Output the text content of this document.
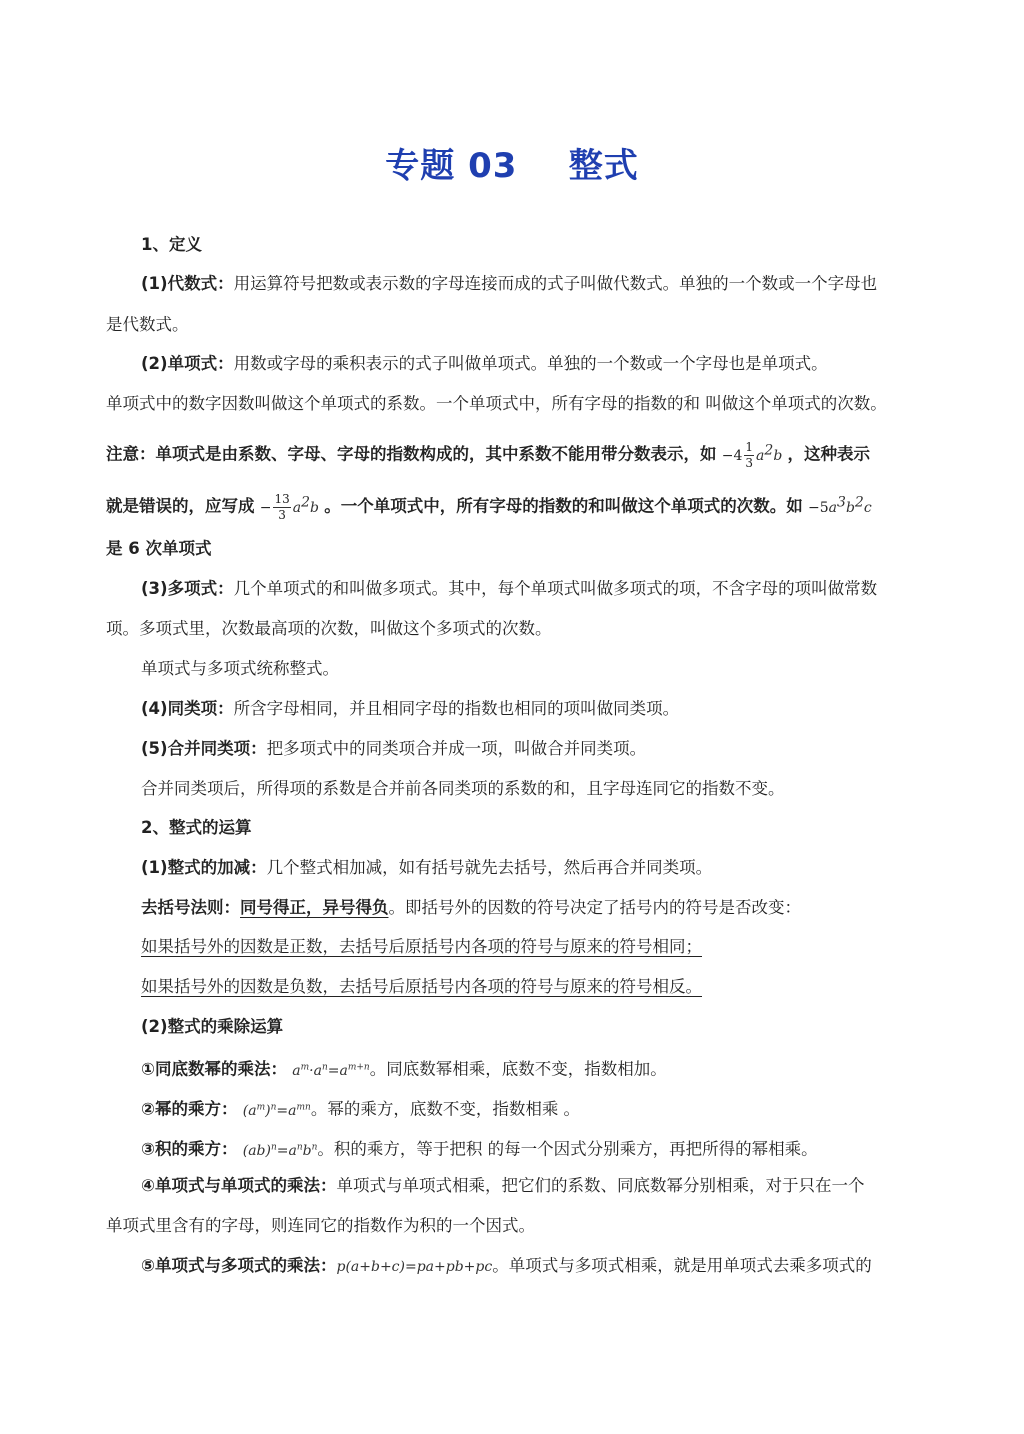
专题 03 整式
1、定义
(1)代数式：用运算符号把数或表示数的字母连接而成的式子叫做代数式。单独的一个数或一个字母也
是代数式。
(2)单项式：用数或字母的乘积表示的式子叫做单项式。单独的一个数或一个字母也是单项式。
单项式中的数字因数叫做这个单项式的系数。一个单项式中，所有字母的指数的和 叫做这个单项式的次数。
注意：单项式是由系数、字母、字母的指数构成的，其中系数不能用带分数表示，如 $-4 \frac{1}{3} a^2b$ ，这种表示
就是错误的，应写成 − $\frac{13}{3} a^2b$ 。一个单项式中，所有字母的指数的和叫做这个单项式的次数。如 $-5a^3b^2c$
是 6 次单项式
(3)多项式：几个单项式的和叫做多项式。其中，每个单项式叫做多项式的项，不含字母的项叫做常数
项。多项式里，次数最高项的次数，叫做这个多项式的次数。
单项式与多项式统称整式。
(4)同类项：所含字母相同，并且相同字母的指数也相同的项叫做同类项。
(5)合并同类项：把多项式中的同类项合并成一项，叫做合并同类项。
合并同类项后，所得项的系数是合并前各同类项的系数的和，且字母连同它的指数不变。
2、整式的运算
(1)整式的加减：几个整式相加减，如有括号就先去括号，然后再合并同类项。
去括号法则：同号得正，异号得负。即括号外的因数的符号决定了括号内的符号是否改变：
如果括号外的因数是正数，去括号后原括号内各项的符号与原来的符号相同；
如果括号外的因数是负数，去括号后原括号内各项的符号与原来的符号相反。
(2)整式的乘除运算
①同底数幂的乘法： $a^m\cdot a^n=a^{m+n}$。同底数幂相乘，底数不变，指数相加。
②幂的乘方： $(a^m)^n=a^{mn}$。幂的乘方，底数不变，指数相乘 。
③积的乘方： $(ab)^n=a^nb^n$。积的乘方，等于把积 的每一个因式分别乘方，再把所得的幂相乘。
④单项式与单项式的乘法：单项式与单项式相乘，把它们的系数、同底数幂分别相乘，对于只在一个
单项式里含有的字母，则连同它的指数作为积的一个因式。
⑤单项式与多项式的乘法：p(a+b+c)=pa+pb+pc。单项式与多项式相乘，就是用单项式去乘多项式的
